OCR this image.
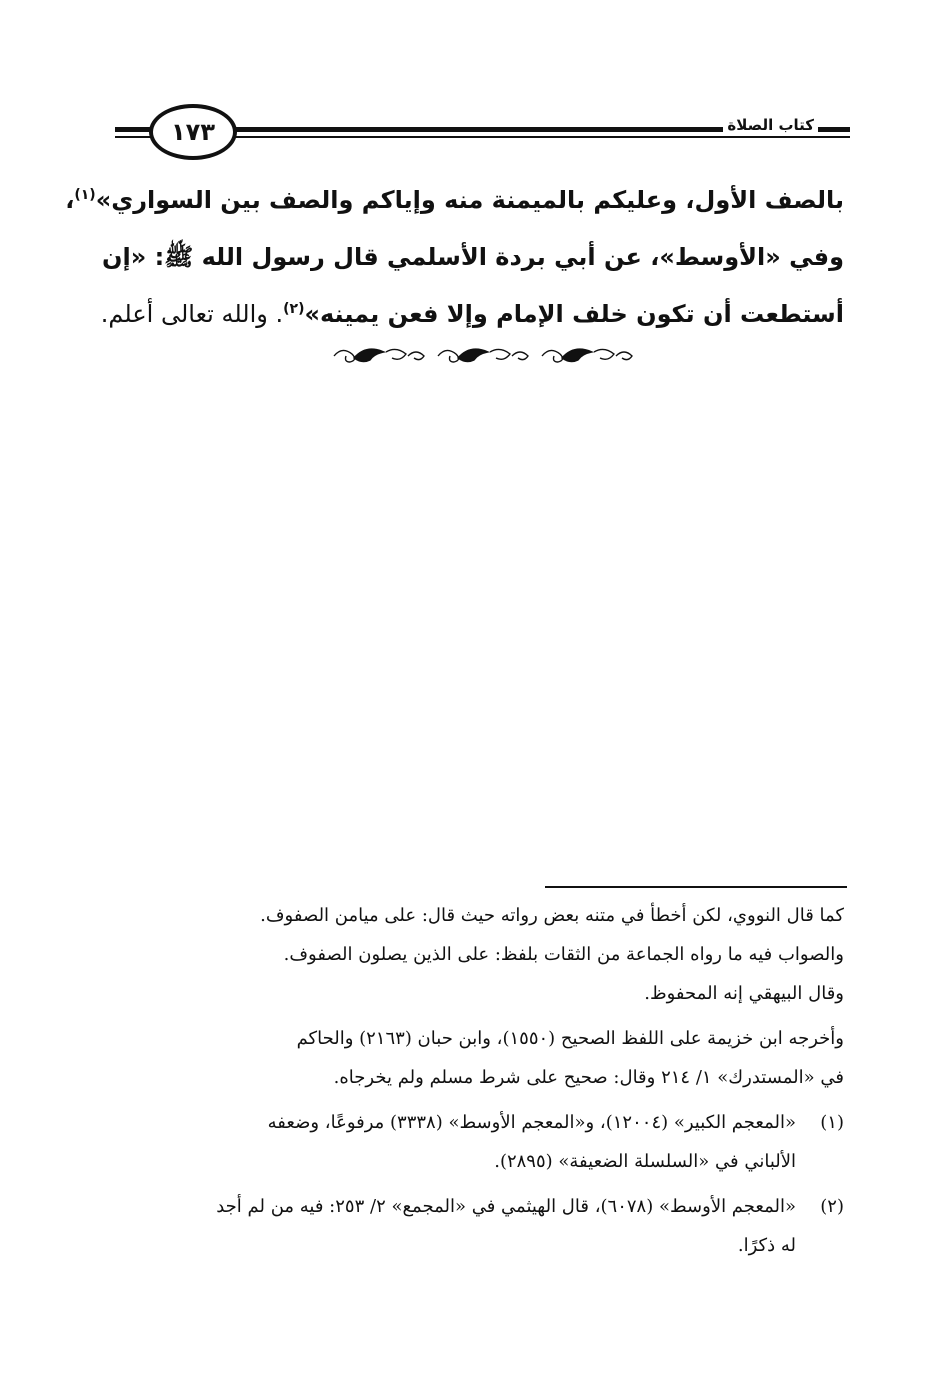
١٧٣	كتاب الصلاة
بالصف الأول، وعليكم بالميمنة منه وإياكم والصف بين السواري»$^{(١)}$،
وفي «الأوسط»، عن أبي بردة الأسلمي قال رسول الله ﷺ: «إن
أستطعت أن تكون خلف الإمام وإلا فعن يمينه»$^{(٢)}$. والله تعالى أعلم.
كما قال النووي، لكن أخطأ في متنه بعض رواته حيث قال: على ميامن الصفوف.
والصواب فيه ما رواه الجماعة من الثقات بلفظ: على الذين يصلون الصفوف.
وقال البيهقي إنه المحفوظ.
وأخرجه ابن خزيمة على اللفظ الصحيح (١٥٥٠)، وابن حبان (٢١٦٣) والحاكم
في «المستدرك» ١/ ٢١٤ وقال: صحيح على شرط مسلم ولم يخرجاه.
(١)
«المعجم الكبير» (١٢٠٠٤)، و«المعجم الأوسط» (٣٣٣٨) مرفوعًا، وضعفه
الألباني في «السلسلة الضعيفة» (٢٨٩٥).
(٢)
«المعجم الأوسط» (٦٠٧٨)، قال الهيثمي في «المجمع» ٢/ ٢٥٣: فيه من لم أجد
له ذكرًا.
